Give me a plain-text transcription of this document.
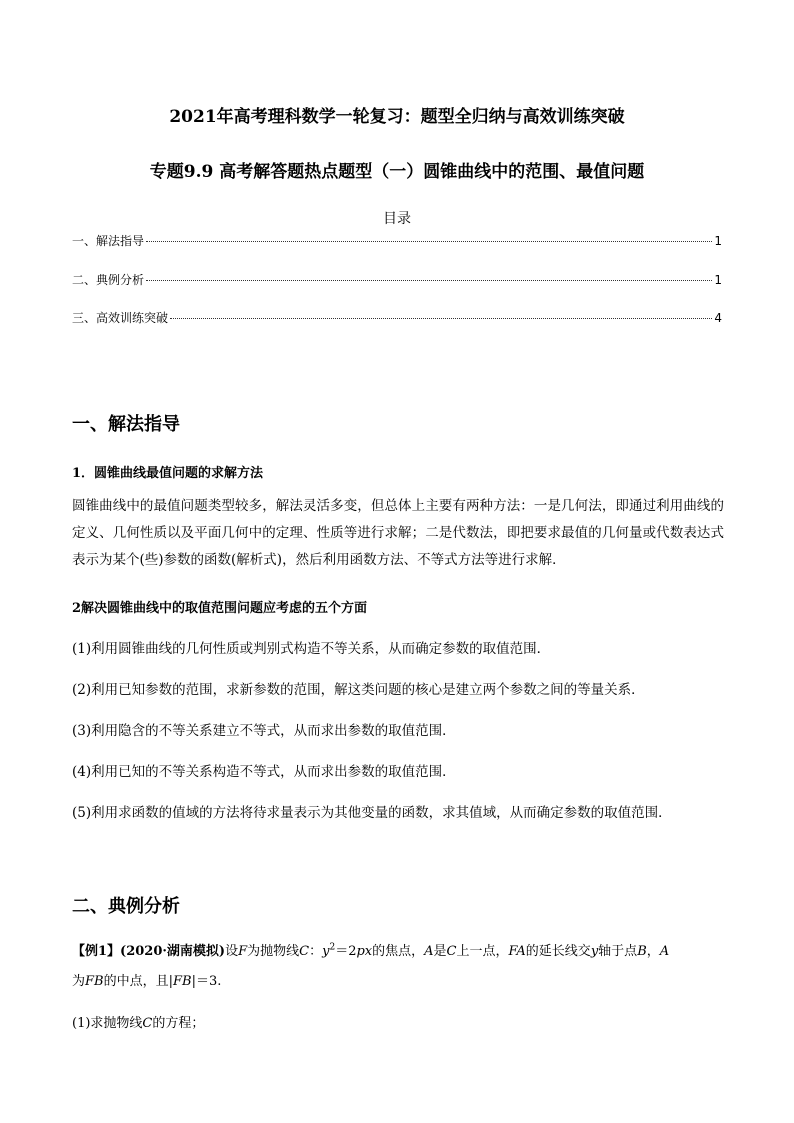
2021年高考理科数学一轮复习：题型全归纳与高效训练突破
专题9.9 高考解答题热点题型（一）圆锥曲线中的范围、最值问题
目录
一、解法指导	1
二、典例分析	1
三、高效训练突破	4
一、解法指导
1．圆锥曲线最值问题的求解方法
圆锥曲线中的最值问题类型较多，解法灵活多变，但总体上主要有两种方法：一是几何法，即通过利用曲线的定义、几何性质以及平面几何中的定理、性质等进行求解；二是代数法，即把要求最值的几何量或代数表达式表示为某个(些)参数的函数(解析式)，然后利用函数方法、不等式方法等进行求解．
2解决圆锥曲线中的取值范围问题应考虑的五个方面
(1)利用圆锥曲线的几何性质或判别式构造不等关系，从而确定参数的取值范围．
(2)利用已知参数的范围，求新参数的范围，解这类问题的核心是建立两个参数之间的等量关系．
(3)利用隐含的不等关系建立不等式，从而求出参数的取值范围．
(4)利用已知的不等关系构造不等式，从而求出参数的取值范围．
(5)利用求函数的值域的方法将待求量表示为其他变量的函数，求其值域，从而确定参数的取值范围．
二、典例分析
【例1】(2020·湖南模拟)设F为抛物线C：$y^2=2px$的焦点，A是C上一点，FA的延长线交y轴于点B，A
为FB的中点，且|FB|＝3.
(1)求抛物线C的方程；
